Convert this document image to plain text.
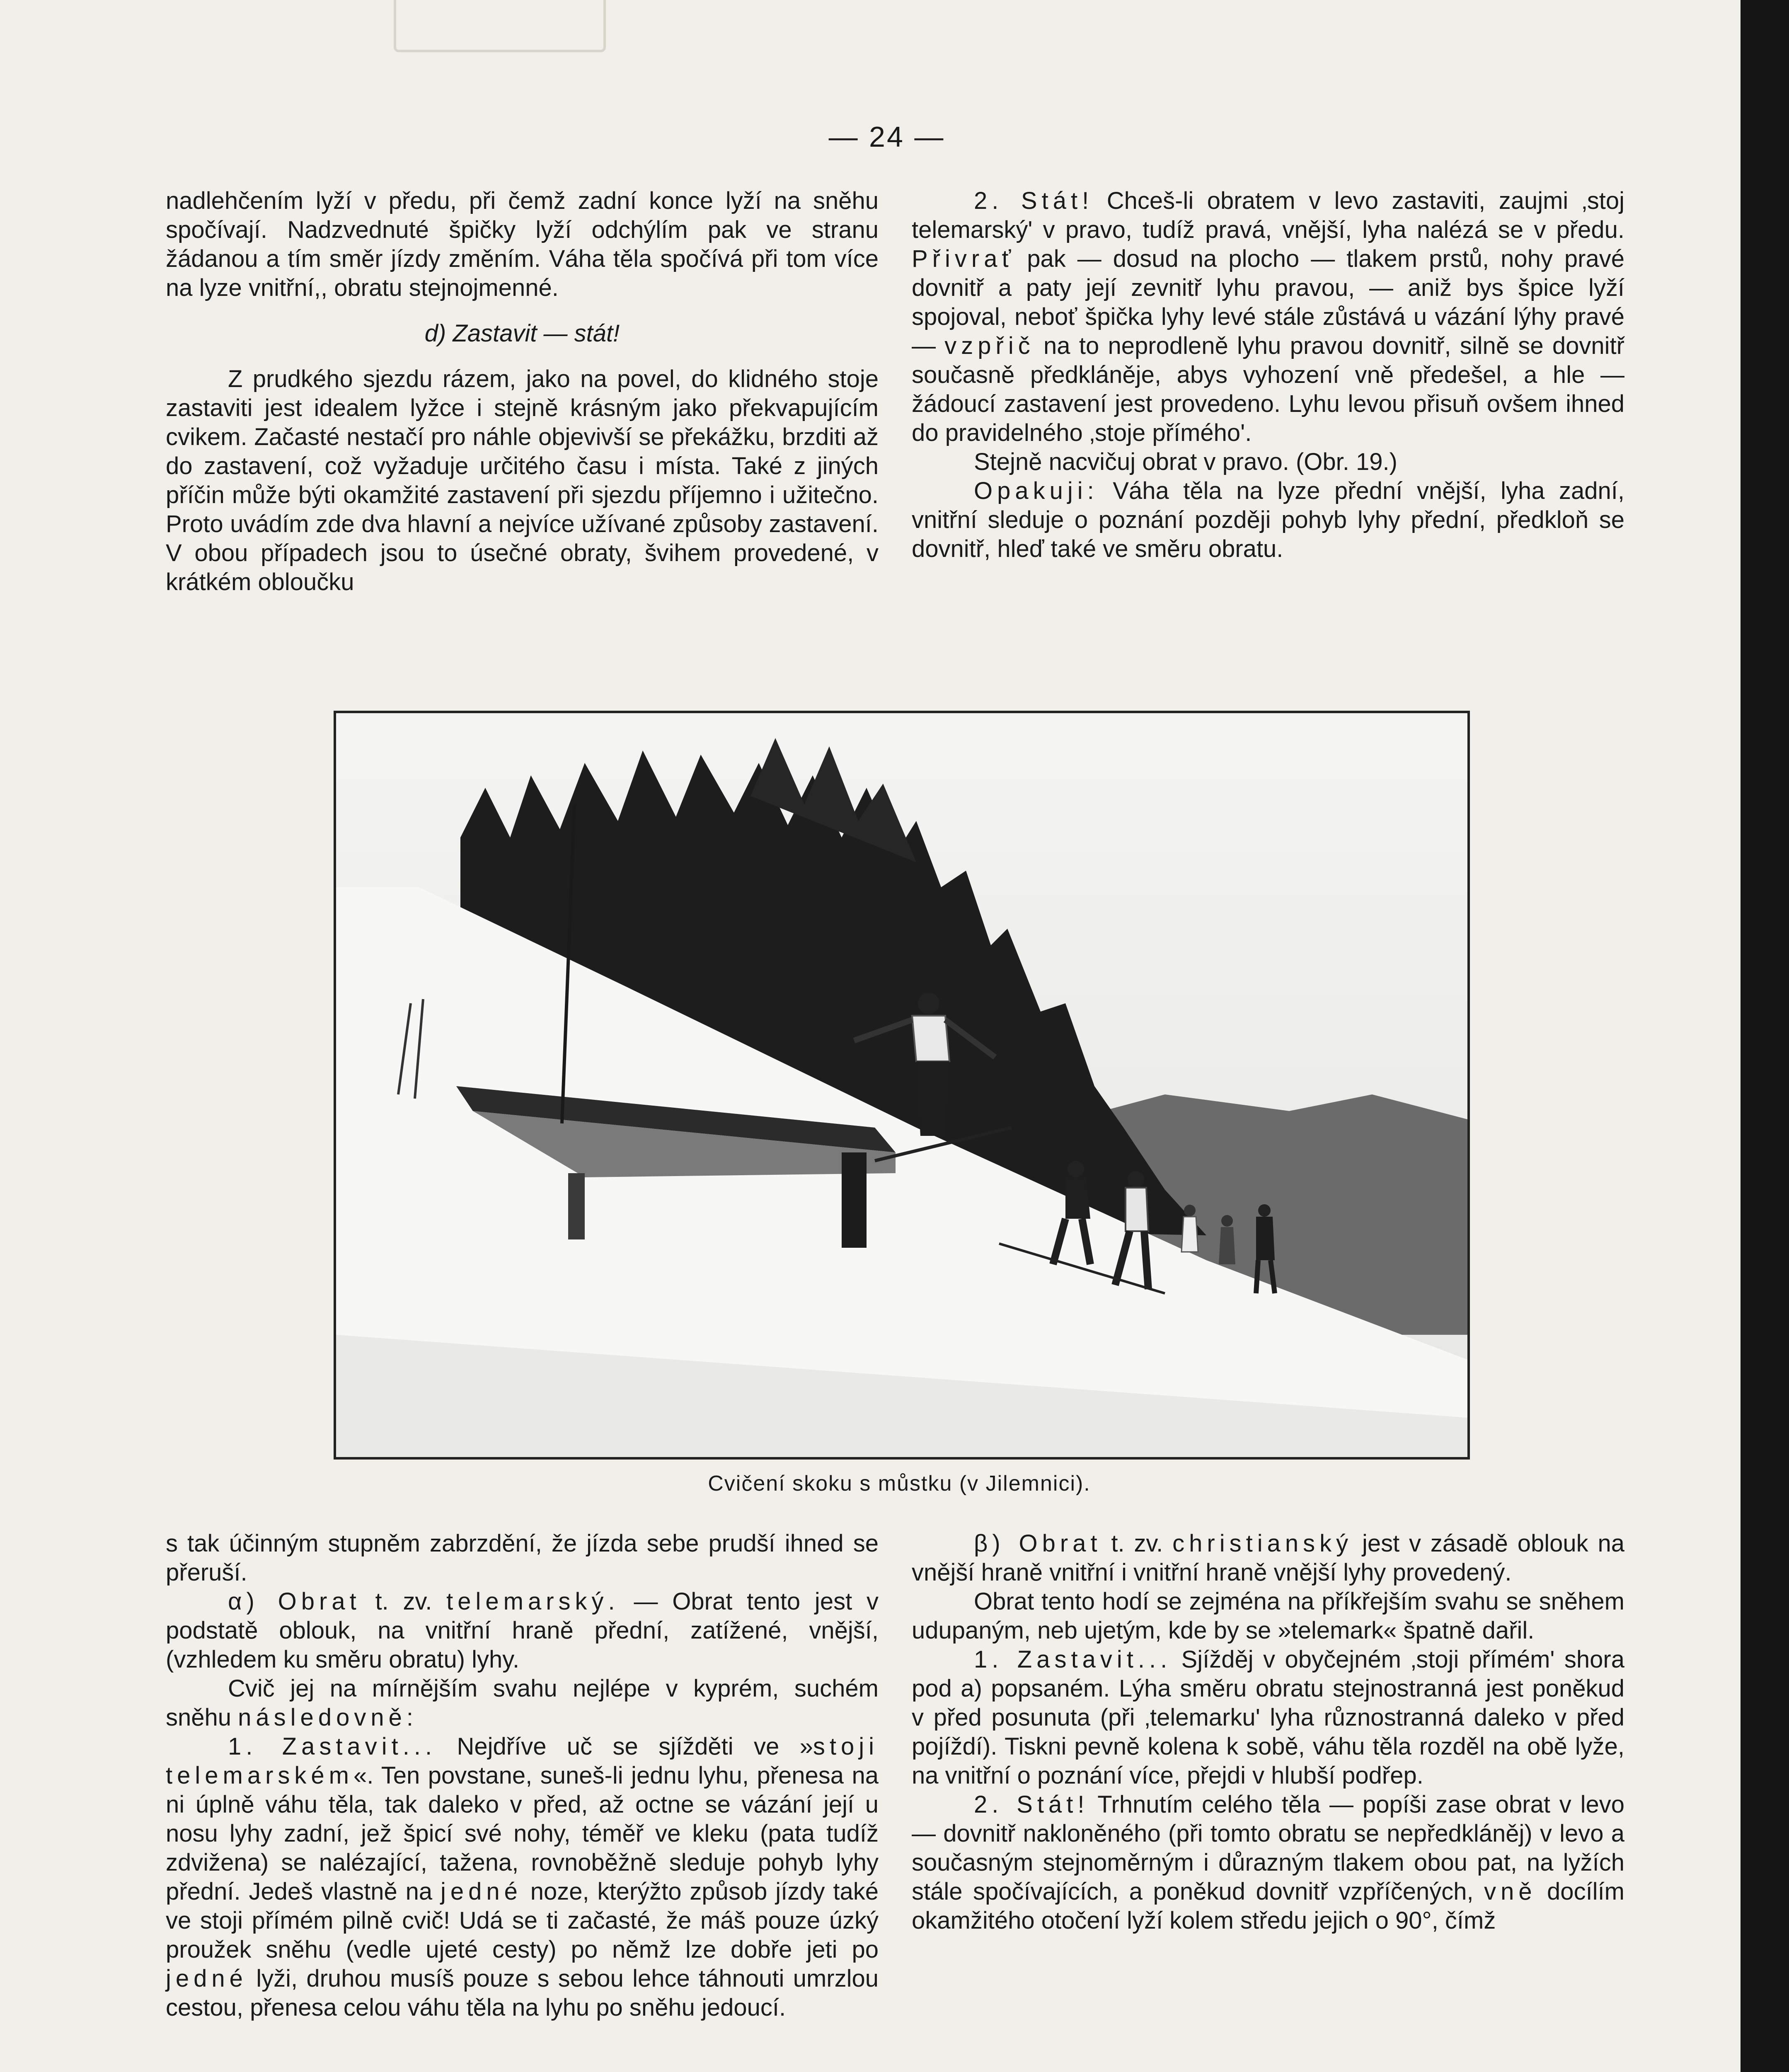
— 24 —

nadlehčením lyží v předu, při čemž zadní konce lyží na sněhu spočívají. Nadzvednuté špičky lyží odchýlím pak ve stranu žádanou a tím směr jízdy změním. Váha těla spočívá při tom více na lyze vnitřní,, obratu stejnojmenné.

d) Zastavit — stát!

Z prudkého sjezdu rázem, jako na povel, do klidného stoje zastaviti jest idealem lyžce i stejně krásným jako překvapujícím cvikem. Začasté nestačí pro náhle objevivší se překážku, brzditi až do zastavení, což vyžaduje určitého času i místa. Také z jiných příčin může býti okamžité zastavení při sjezdu příjemno i užitečno. Proto uvádím zde dva hlavní a nejvíce užívané způsoby zastavení. V obou případech jsou to úsečné obraty, švihem provedené, v krátkém obloučku

2. Stát! Chceš-li obratem v levo zastaviti, zaujmi ‚stoj telemarský' v pravo, tudíž pravá, vnější, lyha nalézá se v předu. Přivrať pak — dosud na plocho — tlakem prstů, nohy pravé dovnitř a paty její zevnitř lyhu pravou, — aniž bys špice lyží spojoval, neboť špička lyhy levé stále zůstává u vázání lýhy pravé — vzpřič na to neprodleně lyhu pravou dovnitř, silně se dovnitř současně předkláněje, abys vyhození vně předešel, a hle — žádoucí zastavení jest provedeno. Lyhu levou přisuň ovšem ihned do pravidelného ‚stoje přímého'.

Stejně nacvičuj obrat v pravo. (Obr. 19.)

Opakuji: Váha těla na lyze přední vnější, lyha zadní, vnitřní sleduje o poznání později pohyb lyhy přední, předkloň se dovnitř, hleď také ve směru obratu.

Cvičení skoku s můstku (v Jilemnici).

s tak účinným stupněm zabrzdění, že jízda sebe prudší ihned se přeruší.

α) Obrat t. zv. telemarský. — Obrat tento jest v podstatě oblouk, na vnitřní hraně přední, zatížené, vnější, (vzhledem ku směru obratu) lyhy.

Cvič jej na mírnějším svahu nejlépe v kyprém, suchém sněhu následovně:

1. Zastavit... Nejdříve uč se sjížděti ve »stoji telemarském«. Ten povstane, suneš-li jednu lyhu, přenesa na ni úplně váhu těla, tak daleko v před, až octne se vázání její u nosu lyhy zadní, jež špicí své nohy, téměř ve kleku (pata tudíž zdvižena) se nalézající, tažena, rovnoběžně sleduje pohyb lyhy přední. Jedeš vlastně na jedné noze, kterýžto způsob jízdy také ve stoji přímém pilně cvič! Udá se ti začasté, že máš pouze úzký proužek sněhu (vedle ujeté cesty) po němž lze dobře jeti po jedné lyži, druhou musíš pouze s sebou lehce táhnouti umrzlou cestou, přenesa celou váhu těla na lyhu po sněhu jedoucí.

β) Obrat t. zv. christianský jest v zásadě oblouk na vnější hraně vnitřní i vnitřní hraně vnější lyhy provedený.

Obrat tento hodí se zejména na příkřejším svahu se sněhem udupaným, neb ujetým, kde by se »telemark« špatně dařil.

1. Zastavit... Sjížděj v obyčejném ‚stoji přímém' shora pod a) popsaném. Lýha směru obratu stejnostranná jest poněkud v před posunuta (při ‚telemarku' lyha různostranná daleko v před pojíždí). Tiskni pevně kolena k sobě, váhu těla rozděl na obě lyže, na vnitřní o poznání více, přejdi v hlubší podřep.

2. Stát! Trhnutím celého těla — popíši zase obrat v levo — dovnitř nakloněného (při tomto obratu se nepředkláněj) v levo a současným stejnoměrným i důrazným tlakem obou pat, na lyžích stále spočívajících, a poněkud dovnitř vzpříčených, vně docílím okamžitého otočení lyží kolem středu jejich o 90°, čímž
